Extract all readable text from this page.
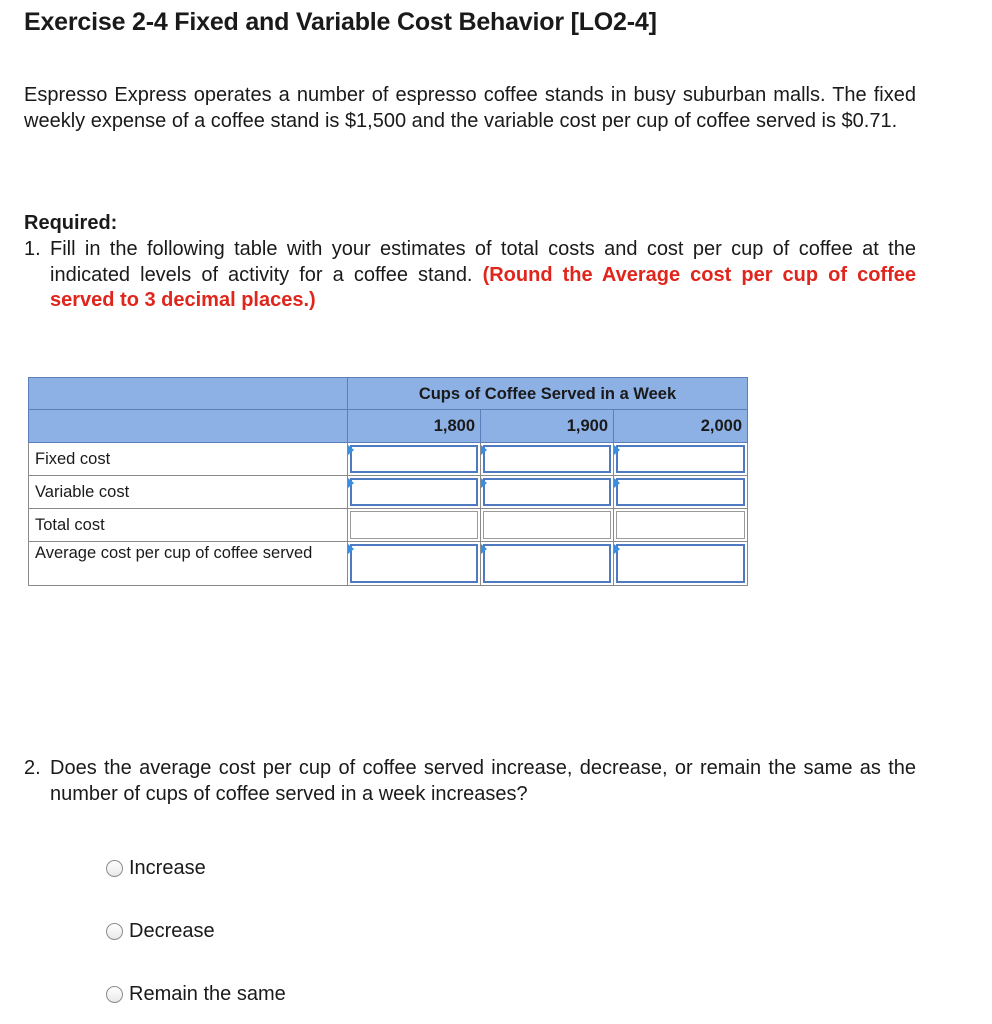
Exercise 2-4 Fixed and Variable Cost Behavior [LO2-4]
Espresso Express operates a number of espresso coffee stands in busy suburban malls. The fixed weekly expense of a coffee stand is $1,500 and the variable cost per cup of coffee served is $0.71.
Required:
1. Fill in the following table with your estimates of total costs and cost per cup of coffee at the indicated levels of activity for a coffee stand. (Round the Average cost per cup of coffee served to 3 decimal places.)
Cups of Coffee Served in a Week
1,800	1,900	2,000
Fixed cost
Variable cost
Total cost
Average cost per cup of coffee served
2. Does the average cost per cup of coffee served increase, decrease, or remain the same as the number of cups of coffee served in a week increases?
Increase
Decrease
Remain the same
